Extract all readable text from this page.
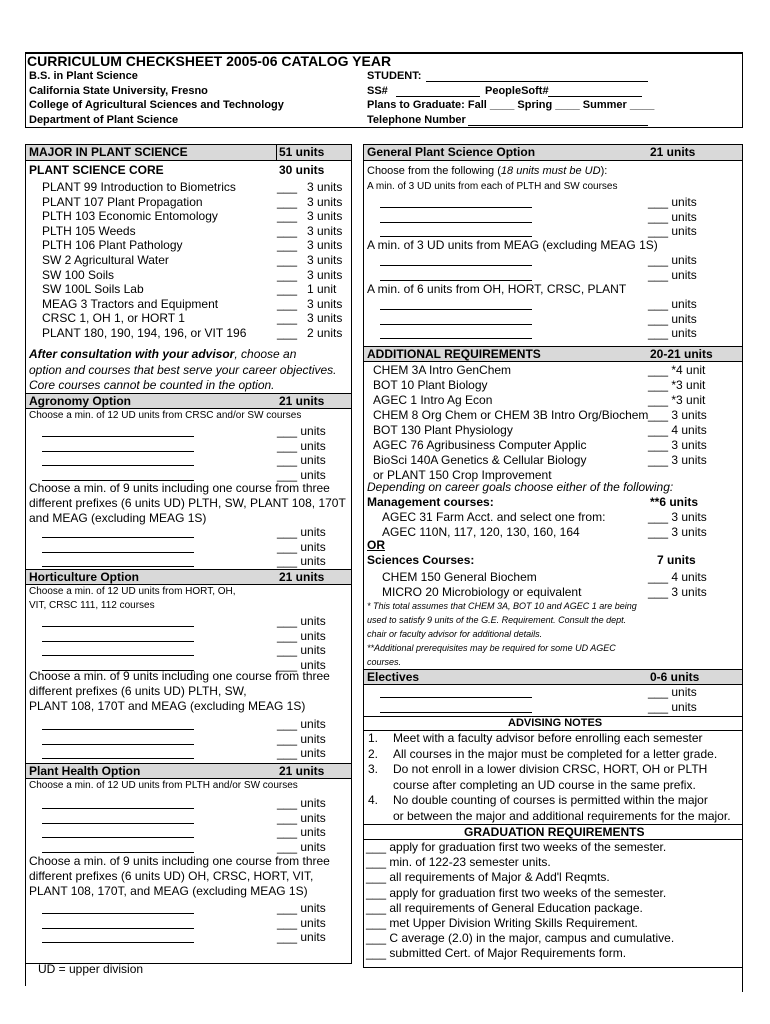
CURRICULUM CHECKSHEET 2005-06 CATALOG YEAR
B.S. in Plant Science
California State University, Fresno
College of Agricultural Sciences and Technology
Department of Plant Science
STUDENT:
SS#	PeopleSoft#
Plans to Graduate: Fall ____ Spring ____ Summer ____
Telephone Number
MAJOR IN PLANT SCIENCE	51 units
PLANT SCIENCE CORE	30 units
PLANT 99 Introduction to Biometrics	___ 3 units
PLANT 107 Plant Propagation	___ 3 units
PLTH 103 Economic Entomology	___ 3 units
PLTH 105 Weeds	___ 3 units
PLTH 106 Plant Pathology	___ 3 units
SW 2 Agricultural Water	___ 3 units
SW 100 Soils	___ 3 units
SW 100L Soils Lab	___ 1 unit
MEAG 3 Tractors and Equipment	___ 3 units
CRSC 1, OH 1, or HORT 1	___ 3 units
PLANT 180, 190, 194, 196, or VIT 196	___ 2 units
After consultation with your advisor, choose an
option and courses that best serve your career objectives.
Core courses cannot be counted in the option.
Agronomy Option	21 units
Choose a min. of 12 UD units from CRSC and/or SW courses
___ units
___ units
___ units
___ units
Choose a min. of 9 units including one course from three
different prefixes (6 units UD) PLTH, SW, PLANT 108, 170T
and MEAG (excluding MEAG 1S)
___ units
___ units
___ units
Horticulture Option	21 units
Choose a min. of 12 UD units from HORT, OH,
VIT, CRSC 111, 112 courses
___ units
___ units
___ units
___ units
Choose a min. of 9 units including one course from three
different prefixes (6 units UD) PLTH, SW,
PLANT 108, 170T and MEAG (excluding MEAG 1S)
___ units
___ units
___ units
Plant Health Option	21 units
Choose a min. of 12 UD units from PLTH and/or SW courses
___ units
___ units
___ units
___ units
Choose a min. of 9 units including one course from three
different prefixes (6 units UD) OH, CRSC, HORT, VIT,
PLANT 108, 170T, and MEAG (excluding MEAG 1S)
___ units
___ units
___ units
UD = upper division
General Plant Science Option	21 units
Choose from the following (18 units must be UD):
A min. of 3 UD units from each of PLTH and SW courses
___ units
___ units
___ units
A min. of 3 UD units from MEAG (excluding MEAG 1S)
___ units
___ units
A min. of 6 units from OH, HORT, CRSC, PLANT
___ units
___ units
___ units
ADDITIONAL REQUIREMENTS	20-21 units
CHEM 3A Intro GenChem	___ *4 unit
BOT 10 Plant Biology	___ *3 unit
AGEC 1 Intro Ag Econ	___ *3 unit
CHEM 8 Org Chem or CHEM 3B Intro Org/Biochem ___ 3 units
BOT 130 Plant Physiology	___ 4 units
AGEC 76 Agribusiness Computer Applic	___ 3 units
BioSci 140A Genetics & Cellular Biology	___ 3 units
or PLANT 150 Crop Improvement
Depending on career goals choose either of the following:
Management courses:	**6 units
AGEC 31 Farm Acct. and select one from:	___ 3 units
AGEC 110N, 117, 120, 130, 160, 164	___ 3 units
OR
Sciences Courses:	7 units
CHEM 150 General Biochem	___ 4 units
MICRO 20 Microbiology or equivalent	___ 3 units
* This total assumes that CHEM 3A, BOT 10 and AGEC 1 are being
used to satisfy 9 units of the G.E. Requirement. Consult the dept.
chair or faculty advisor for additional details.
**Additional prerequisites may be required for some UD AGEC
courses.
Electives	0-6 units
___ units
___ units
ADVISING NOTES
1. Meet with a faculty advisor before enrolling each semester
2. All courses in the major must be completed for a letter grade.
3. Do not enroll in a lower division CRSC, HORT, OH or PLTH
course after completing an UD course in the same prefix.
4. No double counting of courses is permitted within the major
or between the major and additional requirements for the major.
GRADUATION REQUIREMENTS
___ apply for graduation first two weeks of the semester.
___ min. of 122-23 semester units.
___ all requirements of Major & Add'l Reqmts.
___ apply for graduation first two weeks of the semester.
___ all requirements of General Education package.
___ met Upper Division Writing Skills Requirement.
___ C average (2.0) in the major, campus and cumulative.
___ submitted Cert. of Major Requirements form.
